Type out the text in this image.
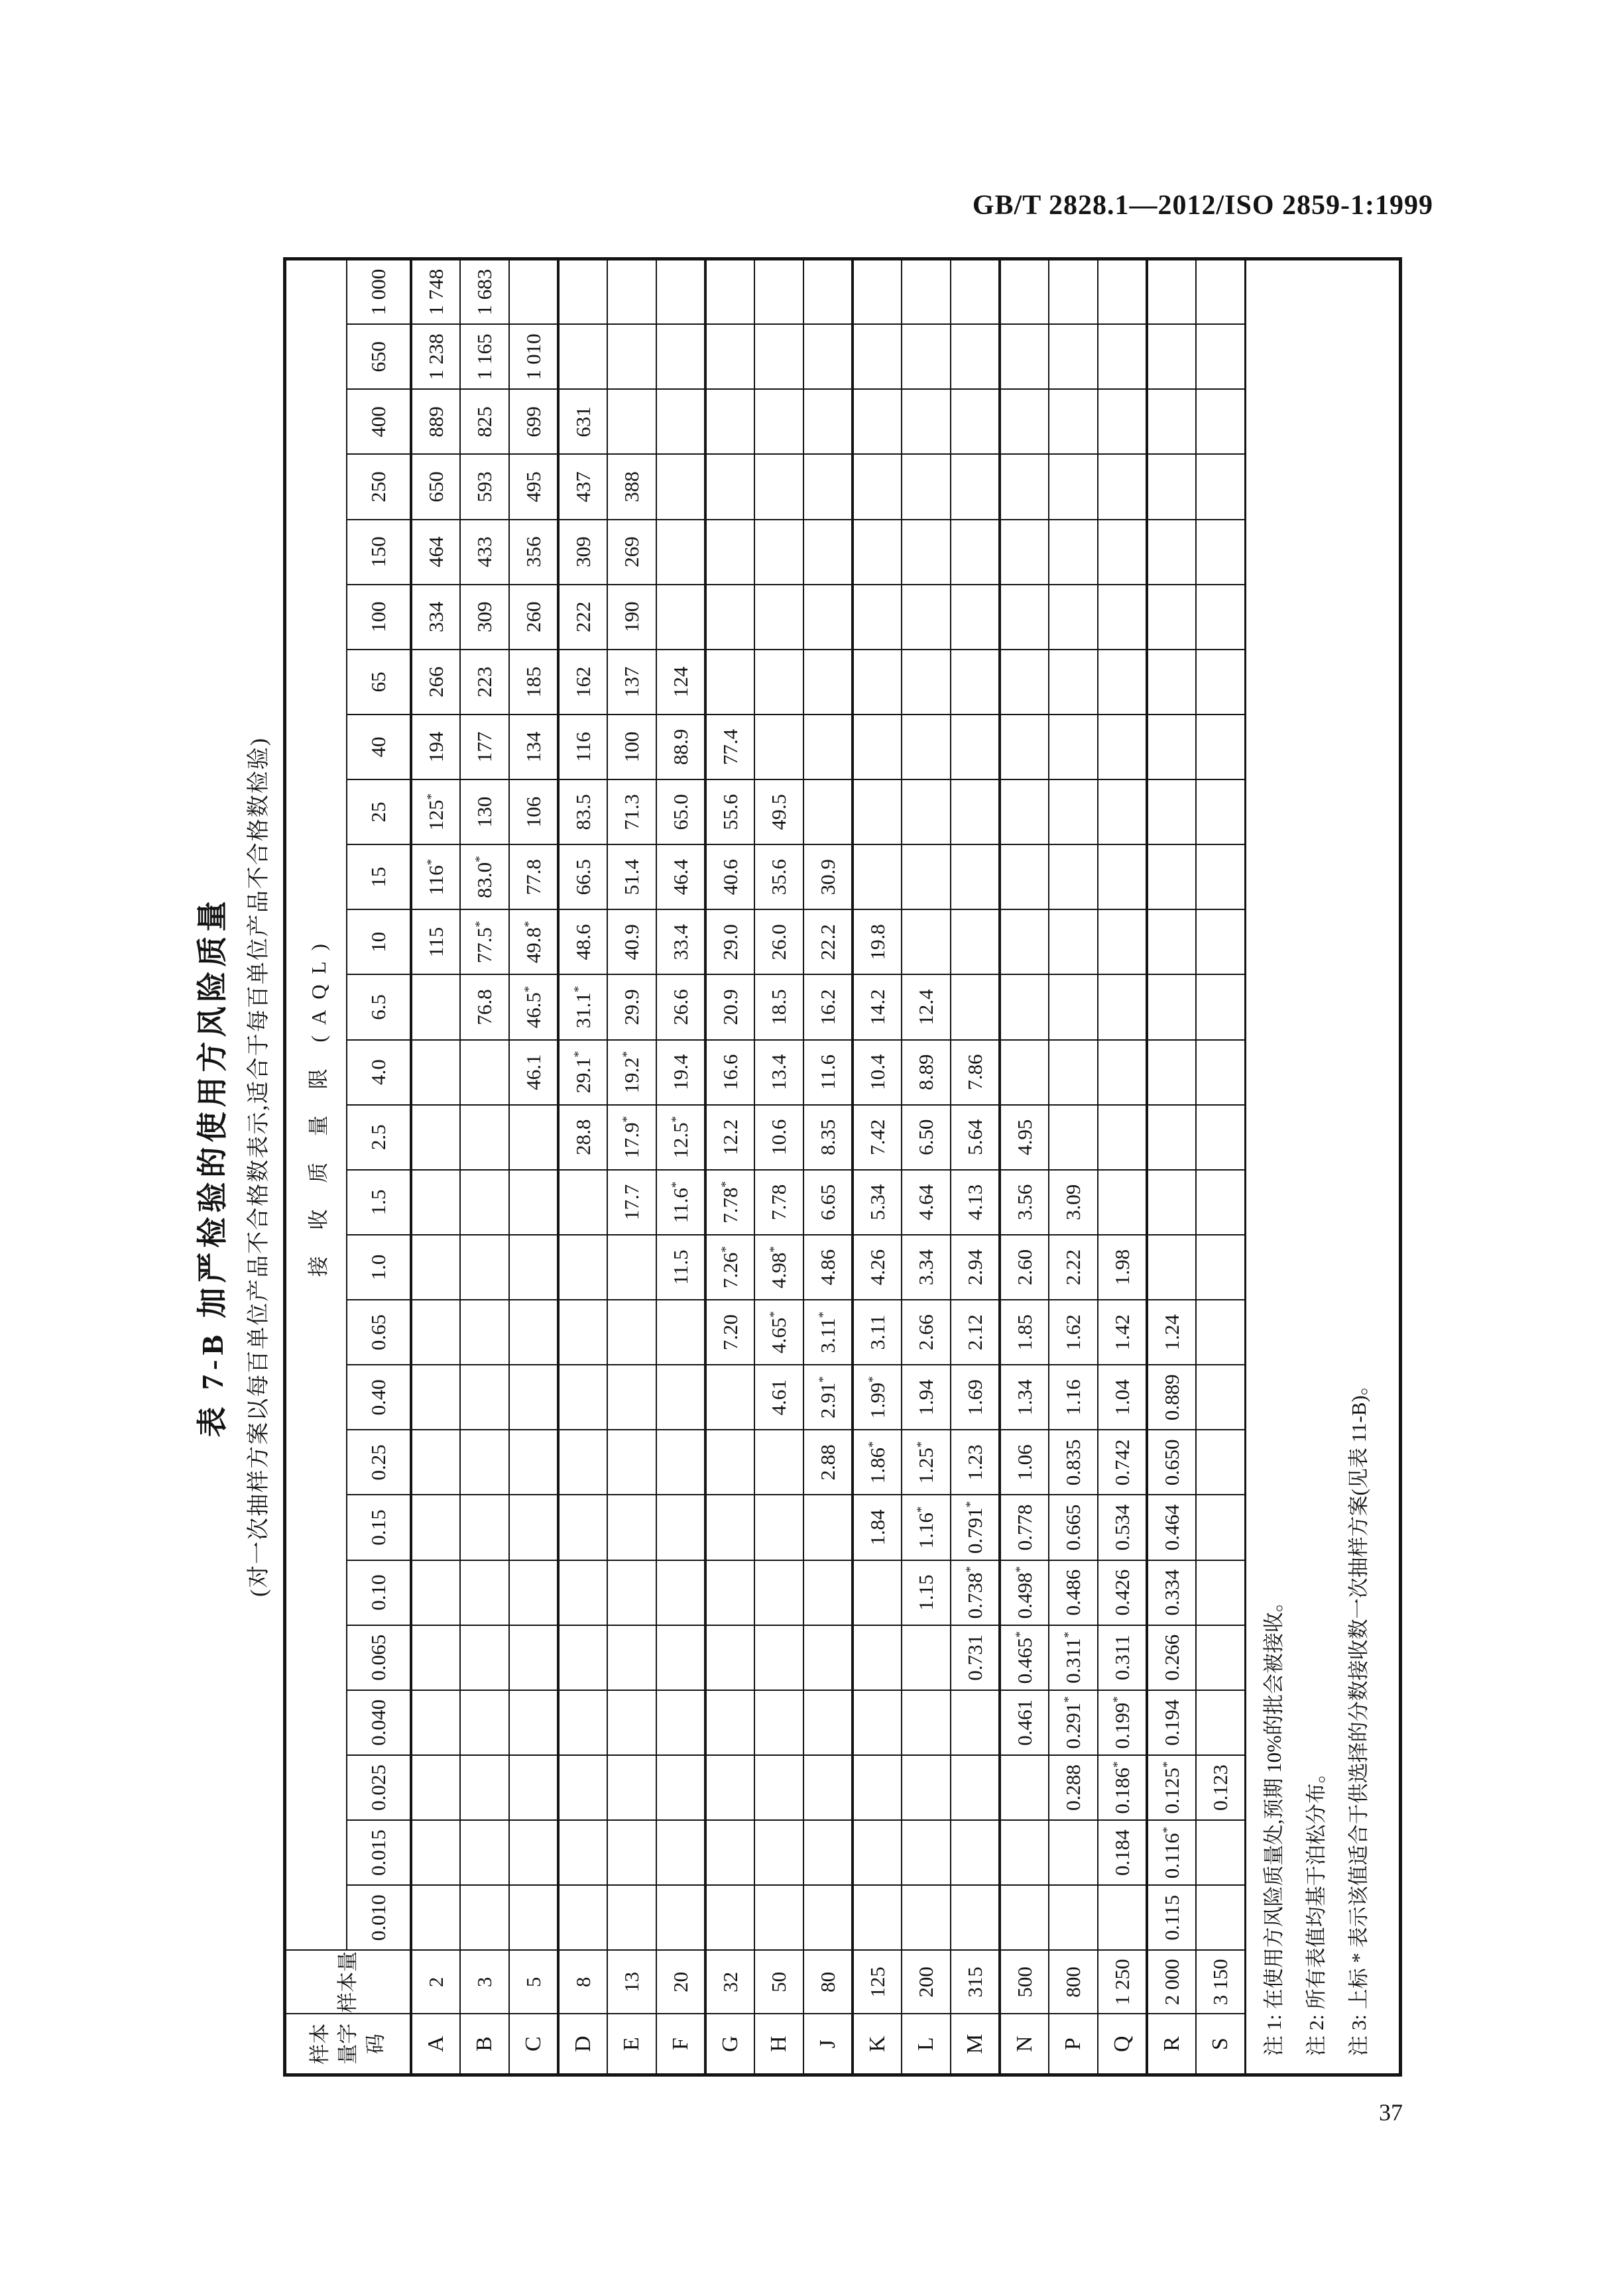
GB/T 2828.1—2012/ISO 2859-1:1999
表 7-B 加严检验的使用方风险质量 (对一次抽样方案以每百单位产品不合格数表示,适合于每百单位产品不合格数检验)
样本量字码	样本量	接 收 质 量 限 (AQL)																									
		0.010	0.015	0.025	0.040	0.065	0.10	0.15	0.25	0.40	0.65	1.0	1.5	2.5	4.0	6.5	10	15	25	40	65	100	150	250	400	650	1 000
A	2																115	116*	125*	194	266	334	464	650	889	1 238	1 748
B	3															76.8	77.5*	83.0*	130	177	223	309	433	593	825	1 165	1 683
C	5														46.1	46.5*	49.8*	77.8	106	134	185	260	356	495	699	1 010	
D	8													28.8	29.1*	31.1*	48.6	66.5	83.5	116	162	222	309	437	631		
E	13												17.7	17.9*	19.2*	29.9	40.9	51.4	71.3	100	137	190	269	388			
F	20											11.5	11.6*	12.5*	19.4	26.6	33.4	46.4	65.0	88.9	124						
G	32										7.20	7.26*	7.78*	12.2	16.6	20.9	29.0	40.6	55.6	77.4							
H	50									4.61	4.65*	4.98*	7.78	10.6	13.4	18.5	26.0	35.6	49.5								
J	80								2.88	2.91*	3.11*	4.86	6.65	8.35	11.6	16.2	22.2	30.9									
K	125							1.84	1.86*	1.99*	3.11	4.26	5.34	7.42	10.4	14.2	19.8										
L	200						1.15	1.16*	1.25*	1.94	2.66	3.34	4.64	6.50	8.89	12.4											
M	315					0.731	0.738*	0.791*	1.23	1.69	2.12	2.94	4.13	5.64	7.86												
N	500				0.461	0.465*	0.498*	0.778	1.06	1.34	1.85	2.60	3.56	4.95													
P	800			0.288	0.291*	0.311*	0.486	0.665	0.835	1.16	1.62	2.22	3.09														
Q	1 250		0.184	0.186*	0.199*	0.311	0.426	0.534	0.742	1.04	1.42	1.98															
R	2 000	0.115	0.116*	0.125*	0.194	0.266	0.334	0.464	0.650	0.889	1.24																
S	3 150			0.123																							

注 1: 在使用方风险质量处,预期 10%的批会被接收。 注 2: 所有表值均基于泊松分布。 注 3: 上标 * 表示该值适合于供选择的分数接收数一次抽样方案(见表 11-B)。																											
37
